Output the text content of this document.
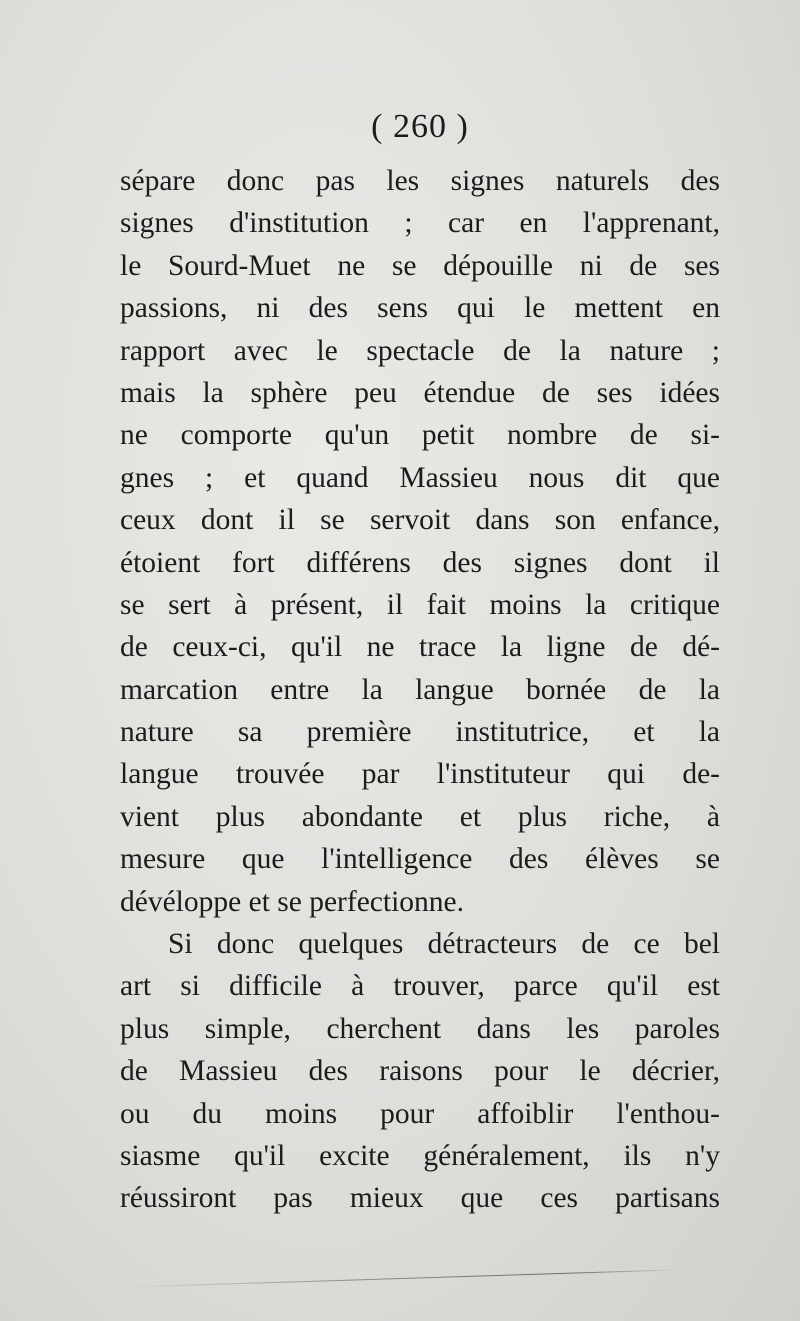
( 260 )
sépare donc pas les signes naturels des
signes d'institution ; car en l'apprenant,
le Sourd-Muet ne se dépouille ni de ses
passions, ni des sens qui le mettent en
rapport avec le spectacle de la nature ;
mais la sphère peu étendue de ses idées
ne comporte qu'un petit nombre de si-
gnes ; et quand Massieu nous dit que
ceux dont il se servoit dans son enfance,
étoient fort différens des signes dont il
se sert à présent, il fait moins la critique
de ceux-ci, qu'il ne trace la ligne de dé-
marcation entre la langue bornée de la
nature sa première institutrice, et la
langue trouvée par l'instituteur qui de-
vient plus abondante et plus riche, à
mesure que l'intelligence des élèves se
dévéloppe et se perfectionne.
Si donc quelques détracteurs de ce bel
art si difficile à trouver, parce qu'il est
plus simple, cherchent dans les paroles
de Massieu des raisons pour le décrier,
ou du moins pour affoiblir l'enthou-
siasme qu'il excite généralement, ils n'y
réussiront pas mieux que ces partisans
